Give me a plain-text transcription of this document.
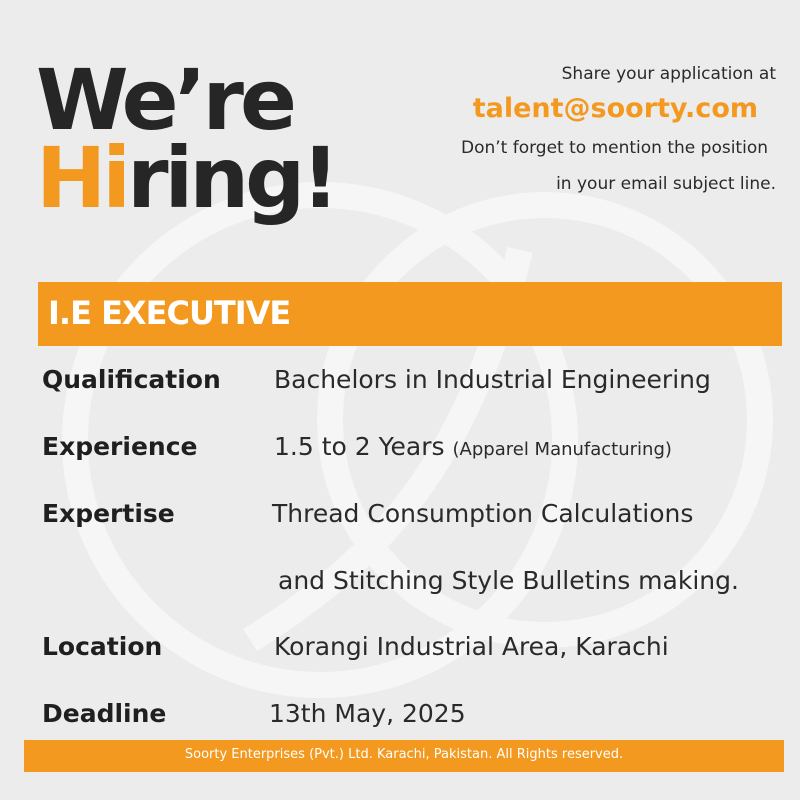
We’re
Hiring!
Share your application at
talent@soorty.com
Don’t forget to mention the position
in your email subject line.
I.E EXECUTIVE
Qualification Bachelors in Industrial Engineering
Experience	1.5 to 2 Years (Apparel Manufacturing)
Expertise	Thread Consumption Calculations
and Stitching Style Bulletins making.
Location	Korangi Industrial Area, Karachi
Deadline	13th May, 2025
Soorty Enterprises (Pvt.) Ltd. Karachi, Pakistan. All Rights reserved.
